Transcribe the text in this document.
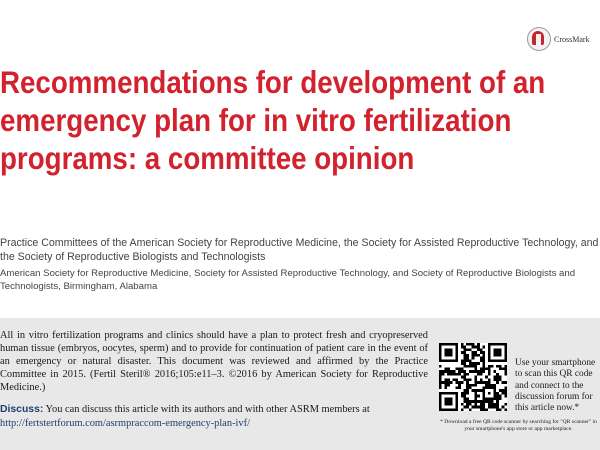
CrossMark
Recommendations for development of an emergency plan for in vitro fertilization programs: a committee opinion

Practice Committees of the American Society for Reproductive Medicine, the Society for Assisted Reproductive Technology, and the Society of Reproductive Biologists and Technologists

American Society for Reproductive Medicine, Society for Assisted Reproductive Technology, and Society of Reproductive Biologists and Technologists, Birmingham, Alabama

All in vitro fertilization programs and clinics should have a plan to protect fresh and cryopreserved human tissue (embryos, oocytes, sperm) and to provide for continuation of patient care in the event of an emergency or natural disaster. This document was reviewed and affirmed by the Practice Committee in 2015. (Fertil Steril® 2016;105:e11–3. ©2016 by American Society for Reproductive Medicine.)

Discuss: You can discuss this article with its authors and with other ASRM members at http://fertstertforum.com/asrmpraccom-emergency-plan-ivf/

Use your smartphone to scan this QR code and connect to the discussion forum for this article now.*

* Download a free QR code scanner by searching for "QR scanner" in your smartphone's app store or app marketplace.
